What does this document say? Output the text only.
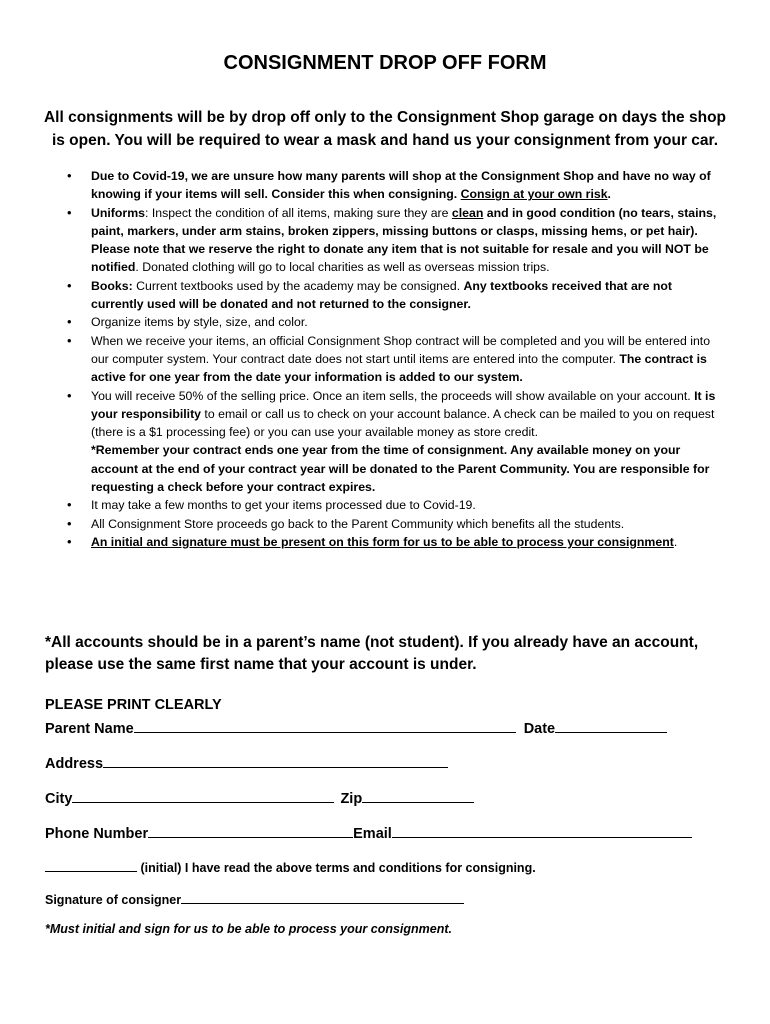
CONSIGNMENT DROP OFF FORM

All consignments will be by drop off only to the Consignment Shop garage on days the shop is open. You will be required to wear a mask and hand us your consignment from your car.

• Due to Covid-19, we are unsure how many parents will shop at the Consignment Shop and have no way of knowing if your items will sell. Consider this when consigning. Consign at your own risk.
• Uniforms: Inspect the condition of all items, making sure they are clean and in good condition (no tears, stains, paint, markers, under arm stains, broken zippers, missing buttons or clasps, missing hems, or pet hair). Please note that we reserve the right to donate any item that is not suitable for resale and you will NOT be notified. Donated clothing will go to local charities as well as overseas mission trips.
• Books: Current textbooks used by the academy may be consigned. Any textbooks received that are not currently used will be donated and not returned to the consigner.
• Organize items by style, size, and color.
• When we receive your items, an official Consignment Shop contract will be completed and you will be entered into our computer system. Your contract date does not start until items are entered into the computer. The contract is active for one year from the date your information is added to our system.
• You will receive 50% of the selling price. Once an item sells, the proceeds will show available on your account. It is your responsibility to email or call us to check on your account balance. A check can be mailed to you on request (there is a $1 processing fee) or you can use your available money as store credit.
*Remember your contract ends one year from the time of consignment. Any available money on your account at the end of your contract year will be donated to the Parent Community. You are responsible for requesting a check before your contract expires.
• It may take a few months to get your items processed due to Covid-19.
• All Consignment Store proceeds go back to the Parent Community which benefits all the students.
• An initial and signature must be present on this form for us to be able to process your consignment.

*All accounts should be in a parent’s name (not student). If you already have an account, please use the same first name that your account is under.

PLEASE PRINT CLEARLY
Parent Name	Date
Address
City	Zip
Phone Number	Email
(initial) I have read the above terms and conditions for consigning.
Signature of consigner

*Must initial and sign for us to be able to process your consignment.
